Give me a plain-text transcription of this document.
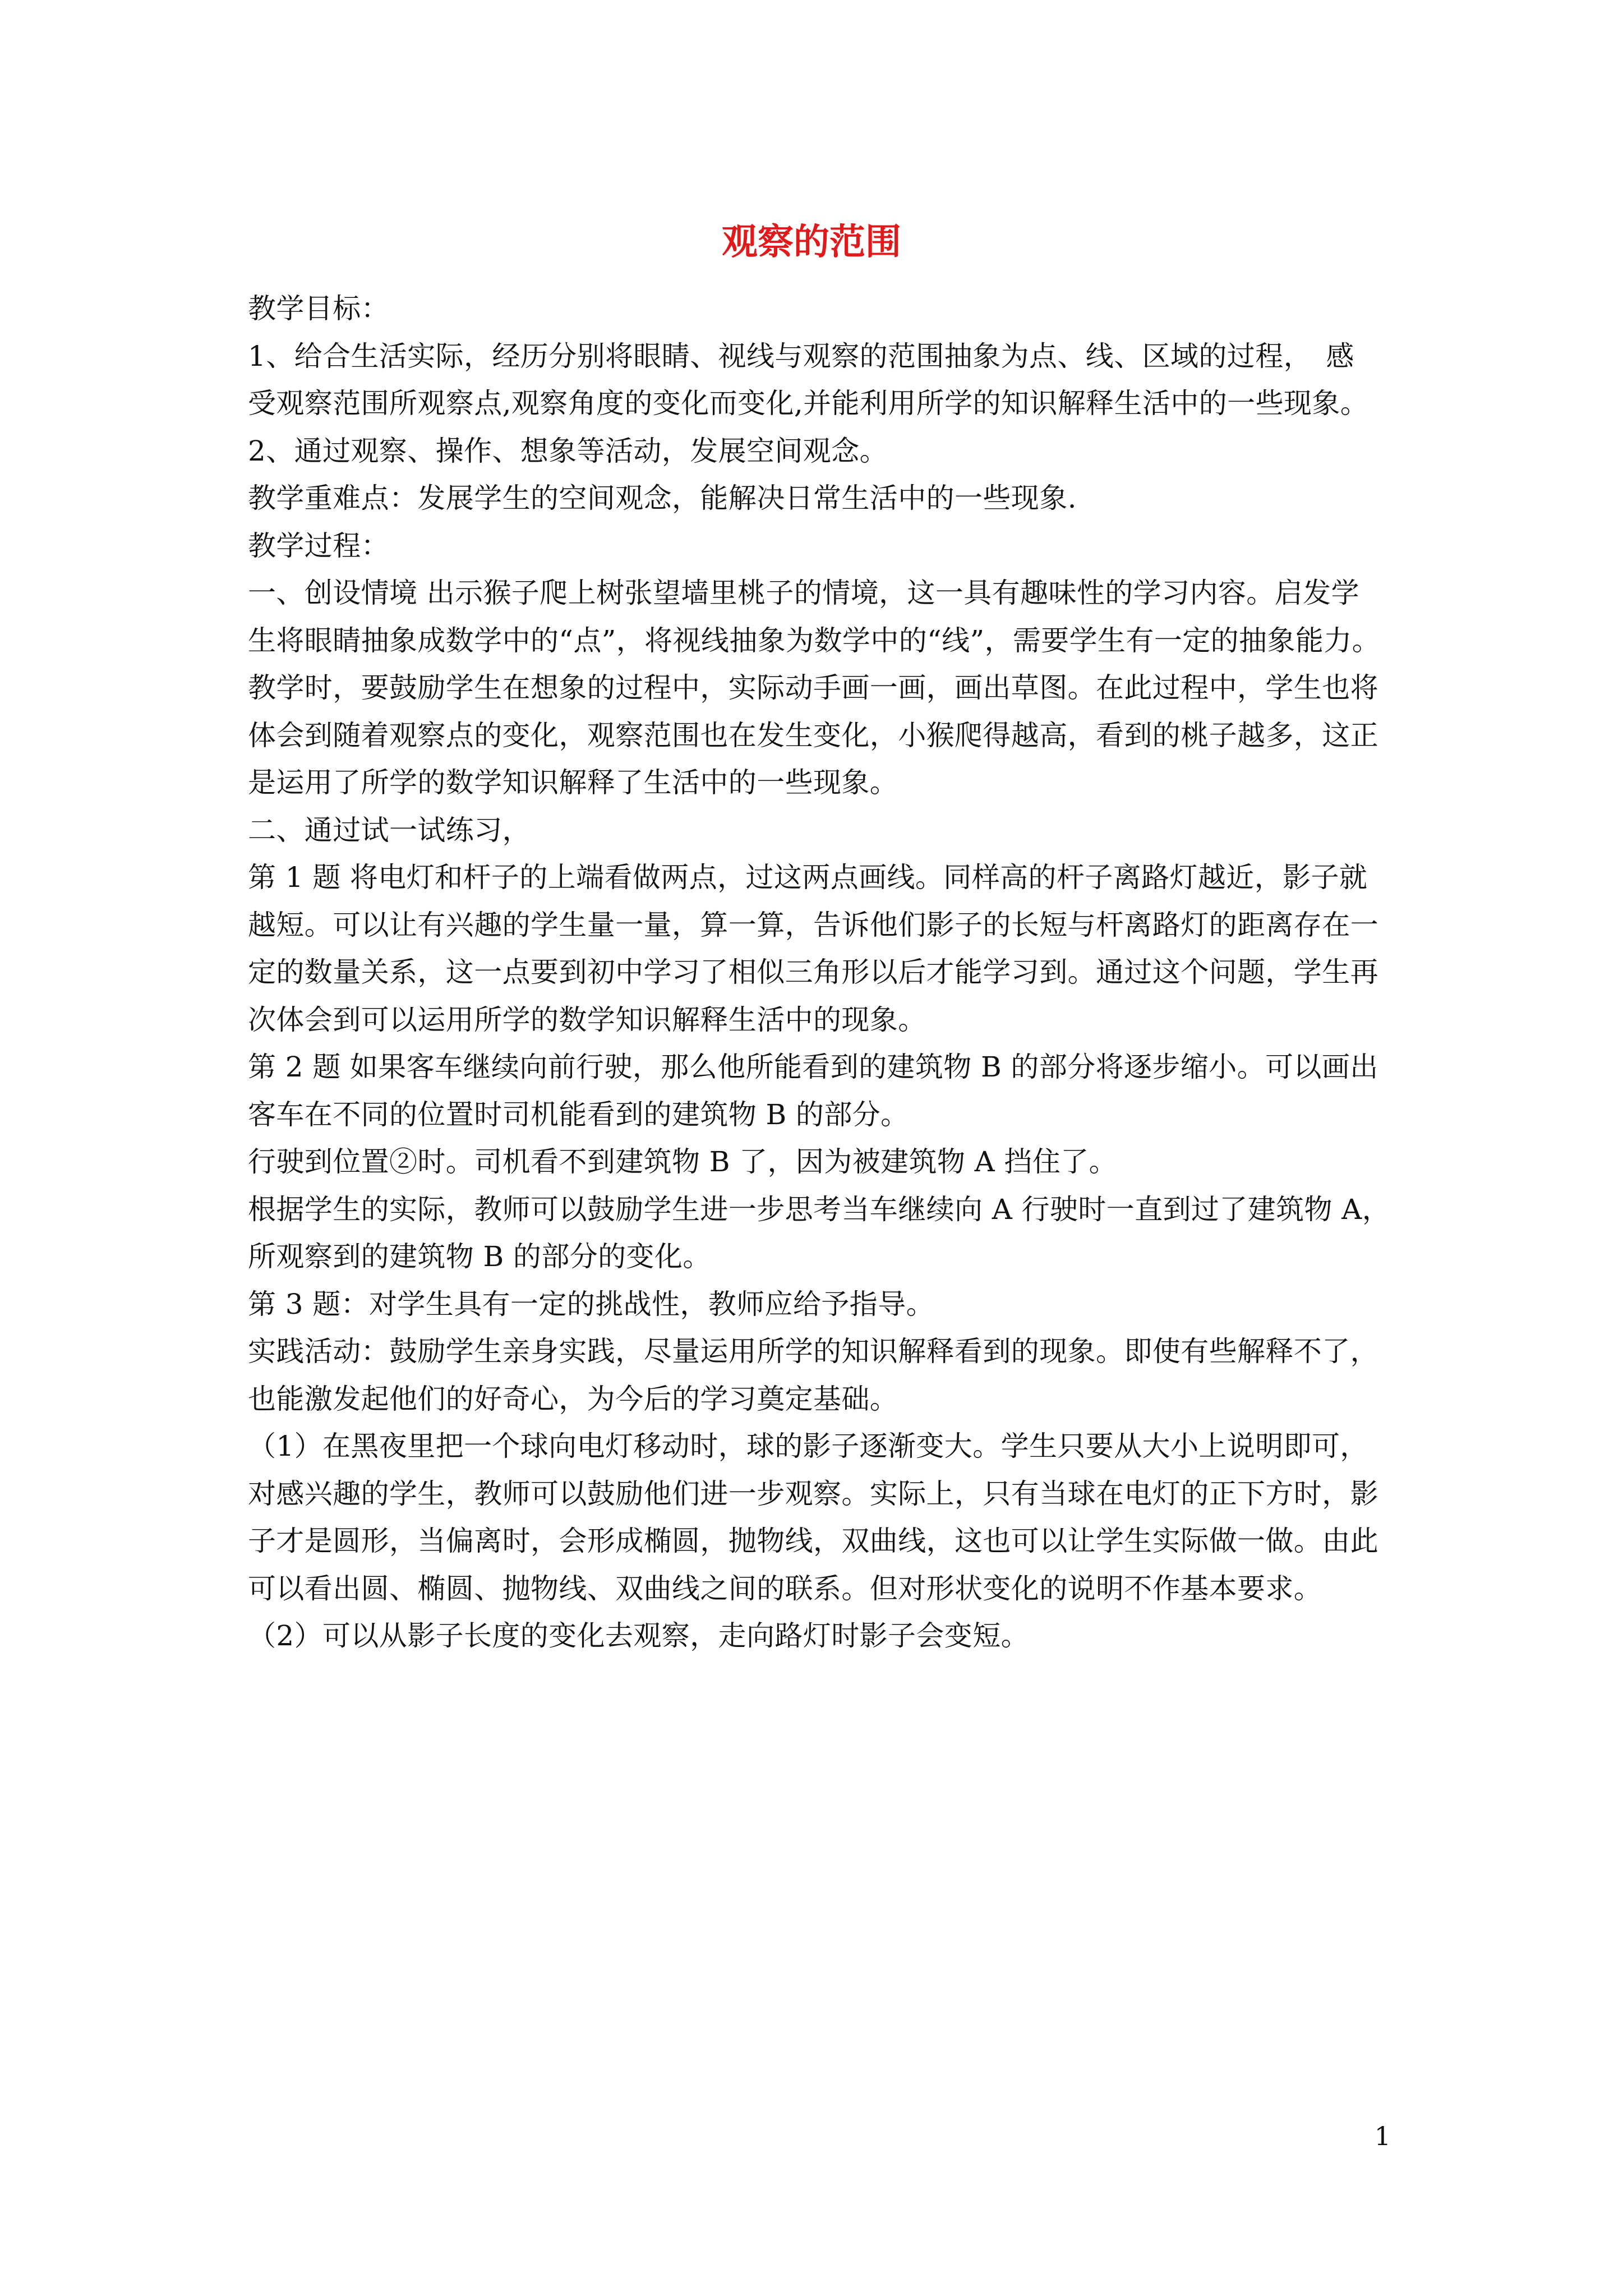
观察的范围
教学目标：
1、给合生活实际，经历分别将眼睛、视线与观察的范围抽象为点、线、区域的过程，　感
受观察范围所观察点,观察角度的变化而变化,并能利用所学的知识解释生活中的一些现象。
2、通过观察、操作、想象等活动，发展空间观念。
教学重难点：发展学生的空间观念，能解决日常生活中的一些现象.
教学过程：
一、创设情境 出示猴子爬上树张望墙里桃子的情境，这一具有趣味性的学习内容。启发学
生将眼睛抽象成数学中的“点”，将视线抽象为数学中的“线”，需要学生有一定的抽象能力。
教学时，要鼓励学生在想象的过程中，实际动手画一画，画出草图。在此过程中，学生也将
体会到随着观察点的变化，观察范围也在发生变化，小猴爬得越高，看到的桃子越多，这正
是运用了所学的数学知识解释了生活中的一些现象。
二、通过试一试练习，
第 1 题 将电灯和杆子的上端看做两点，过这两点画线。同样高的杆子离路灯越近，影子就
越短。可以让有兴趣的学生量一量，算一算，告诉他们影子的长短与杆离路灯的距离存在一
定的数量关系，这一点要到初中学习了相似三角形以后才能学习到。通过这个问题，学生再
次体会到可以运用所学的数学知识解释生活中的现象。
第 2 题 如果客车继续向前行驶，那么他所能看到的建筑物 B 的部分将逐步缩小。可以画出
客车在不同的位置时司机能看到的建筑物 B 的部分。
行驶到位置②时。司机看不到建筑物 B 了，因为被建筑物 A 挡住了。
根据学生的实际，教师可以鼓励学生进一步思考当车继续向 A 行驶时一直到过了建筑物 A，
所观察到的建筑物 B 的部分的变化。
第 3 题：对学生具有一定的挑战性，教师应给予指导。
实践活动：鼓励学生亲身实践，尽量运用所学的知识解释看到的现象。即使有些解释不了，
也能激发起他们的好奇心，为今后的学习奠定基础。
（1）在黑夜里把一个球向电灯移动时，球的影子逐渐变大。学生只要从大小上说明即可，
对感兴趣的学生，教师可以鼓励他们进一步观察。实际上，只有当球在电灯的正下方时，影
子才是圆形，当偏离时，会形成椭圆，抛物线，双曲线，这也可以让学生实际做一做。由此
可以看出圆、椭圆、抛物线、双曲线之间的联系。但对形状变化的说明不作基本要求。
（2）可以从影子长度的变化去观察，走向路灯时影子会变短。
1
